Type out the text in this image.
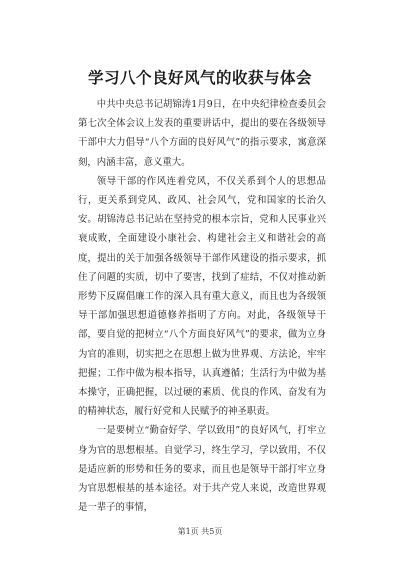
学习八个良好风气的收获与体会

中共中央总书记胡锦涛1月9日，在中央纪律检查委员会第七次全体会议上发表的重要讲话中，提出的要在各级领导干部中大力倡导“八个方面的良好风气”的指示要求，寓意深刻，内涵丰富，意义重大。

领导干部的作风连着党风，不仅关系到个人的思想品行，更关系到党风、政风、社会风气，党和国家的长治久安。胡锦涛总书记站在坚持党的根本宗旨，党和人民事业兴衰成败，全面建设小康社会、构建社会主义和谐社会的高度，提出的关于加强各级领导干部作风建设的指示要求，抓住了问题的实质，切中了要害，找到了症结，不仅对推动新形势下反腐倡廉工作的深入具有重大意义，而且也为各级领导干部加强思想道德修养指明了方向。对此，各级领导干部，要自觉的把树立“八个方面良好风气”的要求，做为立身为官的准则，切实把之在思想上做为世界观、方法论，牢牢把握；工作中做为根本指导，认真遵循；生活行为中做为基本操守，正确把握，以过硬的素质、优良的作风、奋发有为的精神状态，履行好党和人民赋予的神圣职责。

一是要树立“勤奋好学、学以致用”的良好风气，打牢立身为官的思想根基。自觉学习，终生学习，学以致用，不仅是适应新的形势和任务的要求，而且也是领导干部打牢立身为官思想根基的基本途径。对于共产党人来说，改造世界观是一辈子的事情，

第1页 共5页
